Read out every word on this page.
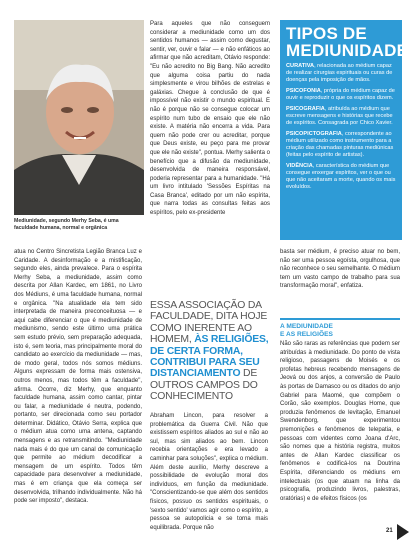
Mediunidade, segundo Merhy Seba, é uma faculdade humana, normal e orgânica

atua no Centro Sincretista Legião Branca Luz e Caridade. A desinformação e a mistificação, segundo eles, ainda prevalece. Para o espírita Merhy Seba, a mediunidade, assim como descrita por Allan Kardec, em 1861, no Livro dos Médiuns, é uma faculdade humana, normal e orgânica. "Na atualidade ela tem sido interpretada de maneira preconceituosa — e aqui cabe diferenciar o que é mediunidade de mediunismo, sendo este último uma prática sem estudo prévio, sem preparação adequada, isto é, sem teoria, mas principalmente moral do candidato ao exercício da mediunidade — mas, de modo geral, todos nós somos médiuns. Alguns expressam de forma mais ostensiva, outros menos, mas todos têm a faculdade", afirma. Ocorre, diz Merhy, que enquanto faculdade humana, assim como cantar, pintar ou falar, a mediunidade é neutra, podendo, portanto, ser direcionada como seu portador determinar. Didático, Otávio Serra, explica que o médium atua como uma antena, captando mensagens e as retransmitindo. "Mediunidade nada mais é do que um canal de comunicação que permite ao médium decodificar a mensagem de um espírito. Todos têm capacidade para desenvolver a mediunidade, mas é em criança que ela começa ser desenvolvida, trilhando individualmente. Não há pode ser imposto", destaca.

Para aqueles que não conseguem considerar a mediunidade como um dos sentidos humanos — assim como degustar, sentir, ver, ouvir e falar — e não enfáticos ao afirmar que não acreditam, Otávio responde: "Eu não acredito no Big Bang. Não acredito que alguma coisa partiu do nada simplesmente e virou bilhões de estrelas e galáxias. Chegue à conclusão de que é impossível não existir o mundo espiritual. E não é porque não se consegue colocar um espírito num tubo de ensaio que ele não existe. A matéria não encerra a vida. Para quem não pode crer ou acreditar, porque que Deus existe, eu peço para me provar que ele não existe", pontua. Merhy salienta o benefício que a difusão da mediunidade, desenvolvida de maneira responsável, poderia representar para a humanidade. "Há um livro intitulado 'Sessões Espíritas na Casa Branca', editado por um não espírita, que narra todas as consultas feitas aos espíritos, pelo ex-presidente

ESSA ASSOCIAÇÃO DA FACULDADE, DITA HOJE COMO INERENTE AO HOMEM, ÀS RELIGIÕES, DE CERTA FORMA, CONTRIBUI PARA SEU DISTANCIAMENTO DE OUTROS CAMPOS DO CONHECIMENTO

Abraham Lincon, para resolver a problemática da Guerra Civil. Não que existissem espíritos aliados ao sul e não ao sul, mas sim aliados ao bem. Lincon recebia orientações e era levado a caminhar para soluções", explica o médium. Além deste auxílio, Merhy descreve a possibilidade de evolução moral dos indivíduos, em função da mediunidade. "Conscientizando-se que além dos sentidos físicos, possuo os sentidos espirituais, o 'sexto sentido' vamos agir como o espírito, a pessoa se autopolicia e se torna mais equilibrada. Porque não

TIPOS DE
MEDIUNIDADE
CURATIVA, relacionada ao médium capaz de realizar cirurgias espirituais ou curas de doenças pela imposição de mãos.
PSICOFONIA, própria do médium capaz de ouvir e reproduzir o que os espíritos dizem.
PSICOGRAFIA, atribuída ao médium que escreve mensagens e histórias que recebe de espíritos. Consagrada por Chico Xavier.
PSICOPICTOGRAFIA, correspondente ao médium utilizado como instrumento para a criação das chamadas pinturas mediúnicas (feitas pelo espírito de artistas).
VIDÊNCIA, característica do médium que consegue enxergar espíritos, ver o que ou que não aceitaram a morte, quando os mais evoluídos.

basta ser médium, é preciso atuar no bem, não ser uma pessoa egoísta, orgulhosa, que não reconhece o seu semelhante. O médium tem um vasto campo de trabalho para sua transformação moral", enfatiza.

A MEDIUNIDADE
E AS RELIGIÕES

Não são raras as referências que podem ser atribuídas à mediunidade. Do ponto de vista religioso, passagens de Moisés e os profetas hebreus recebendo mensagens de Jeová ou dos anjos, a conversão de Paulo às portas de Damasco ou os ditados do anjo Gabriel para Maomé, que compõem o Corão, são exemplos. Douglas Home, que produzia fenômenos de levitação, Emanuel Swendenborg, que experimentou premonições e fenômenos de telepatia, e pessoas com videntes como Joana d'Arc, são nomes que a história registra, muitos antes de Allan Kardec classificar os fenômenos e codificá-los na Doutrina Espírita, diferenciando os médiuns em intelectuais (os que atuam na linha da psicografia, produzindo livros, palestras, oratórias) e de efeitos físicos (os

21
